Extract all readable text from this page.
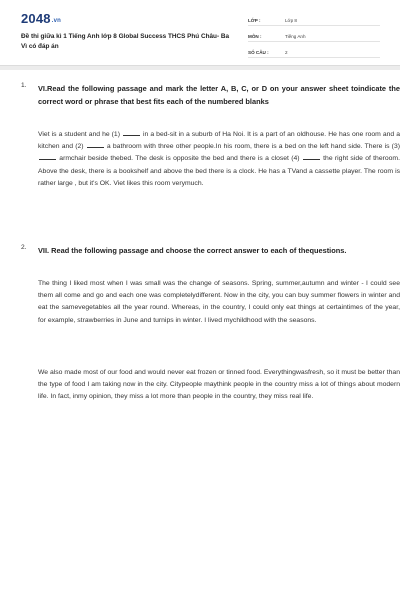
2048.vn
Đề thi giữa kì 1 Tiếng Anh lớp 8 Global Success THCS Phú Châu- Ba Vì có đáp án
LỚP :	Lớp 8
MÔN :	Tiếng Anh
SỐ CÂU :	2
1. VI.Read the following passage and mark the letter A, B, C, or D on your answer sheet toindicate the correct word or phrase that best fits each of the numbered blanks
Viet is a student and he (1)	in a bed-sit in a suburb of Ha Noi. It is a part of an oldhouse. He has one room and a kitchen and (2)	a bathroom with three other people.In his room, there is a bed on the left hand side. There is (3)  armchair beside thebed. The desk is opposite the bed and there is a closet (4)	the right side of theroom. Above the desk, there is a bookshelf and above the bed there is a clock. He has a TVand a cassette player. The room is rather large , but it's OK. Viet likes this room verymuch.
2. VII. Read the following passage and choose the correct answer to each of thequestions.
The thing I liked most when I was small was the change of seasons. Spring, summer,autumn and winter - I could see them all come and go and each one was completelydifferent. Now in the city, you can buy summer flowers in winter and eat the samevegetables all the year round. Whereas, in the country, I could only eat things at certaintimes of the year, for example, strawberries in June and turnips in winter. I lived mychildhood with the seasons.
We also made most of our food and would never eat frozen or tinned food. Everythingwasfresh, so it must be better than the type of food I am taking now in the city. Citypeople maythink people in the country miss a lot of things about modern life. In fact, inmy opinion, they miss a lot more than people in the country, they miss real life.
